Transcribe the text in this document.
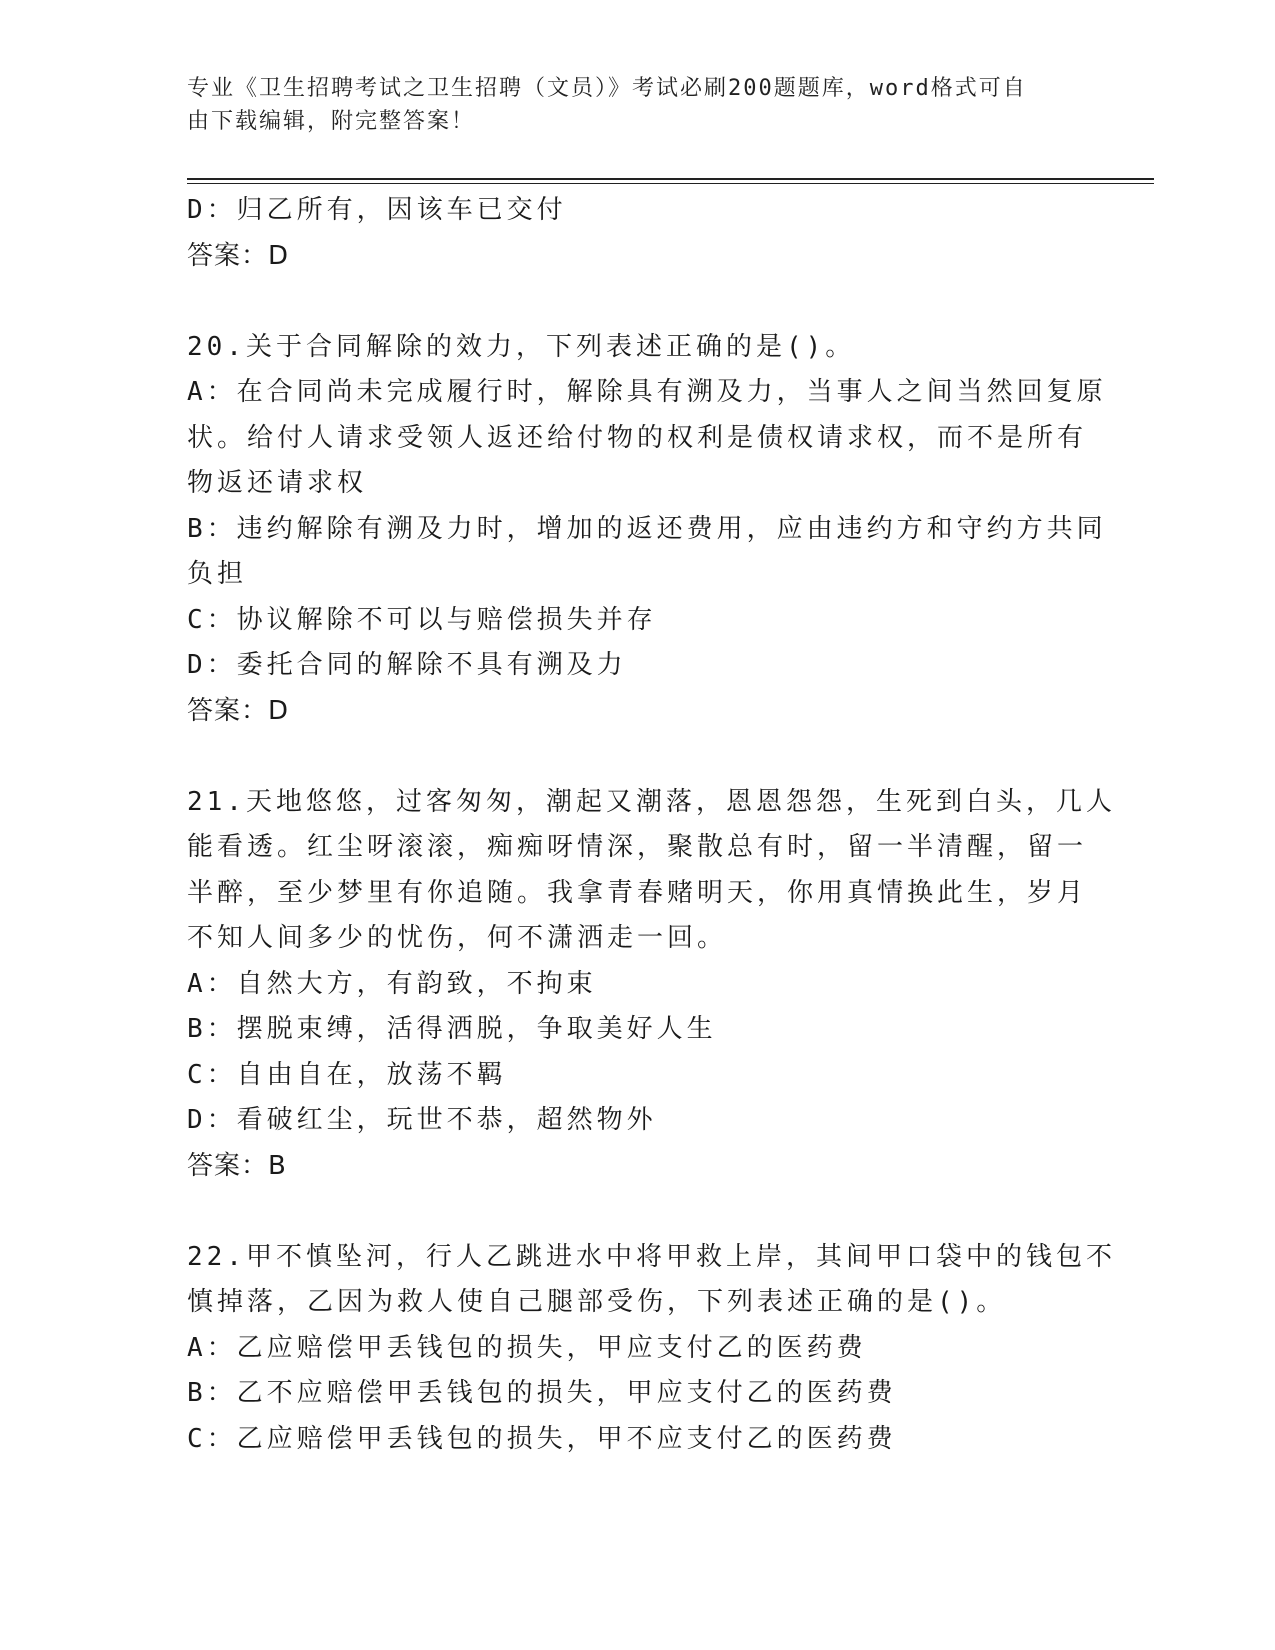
专业《卫生招聘考试之卫生招聘（文员）》考试必刷200题题库，word格式可自
由下载编辑，附完整答案！
D：归乙所有，因该车已交付
答案：D
20.关于合同解除的效力，下列表述正确的是()。
A：在合同尚未完成履行时，解除具有溯及力，当事人之间当然回复原
状。给付人请求受领人返还给付物的权利是债权请求权，而不是所有
物返还请求权
B：违约解除有溯及力时，增加的返还费用，应由违约方和守约方共同
负担
C：协议解除不可以与赔偿损失并存
D：委托合同的解除不具有溯及力
答案：D
21.天地悠悠，过客匆匆，潮起又潮落，恩恩怨怨，生死到白头，几人
能看透。红尘呀滚滚，痴痴呀情深，聚散总有时，留一半清醒，留一
半醉，至少梦里有你追随。我拿青春赌明天，你用真情换此生，岁月
不知人间多少的忧伤，何不潇洒走一回。
A：自然大方，有韵致，不拘束
B：摆脱束缚，活得洒脱，争取美好人生
C：自由自在，放荡不羁
D：看破红尘，玩世不恭，超然物外
答案：B
22.甲不慎坠河，行人乙跳进水中将甲救上岸，其间甲口袋中的钱包不
慎掉落，乙因为救人使自己腿部受伤，下列表述正确的是()。
A：乙应赔偿甲丢钱包的损失，甲应支付乙的医药费
B：乙不应赔偿甲丢钱包的损失，甲应支付乙的医药费
C：乙应赔偿甲丢钱包的损失，甲不应支付乙的医药费
